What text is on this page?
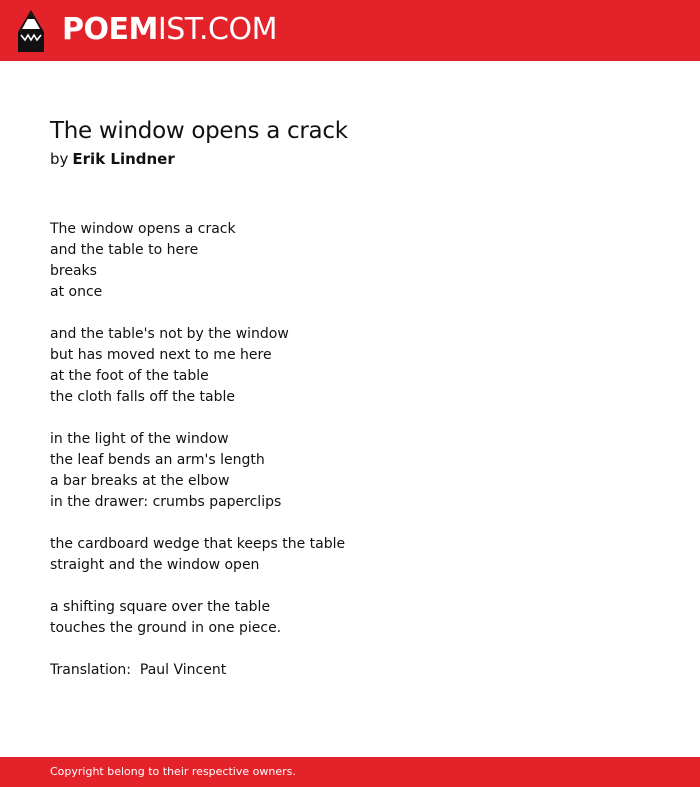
POEMIST.COM
The window opens a crack
by Erik Lindner
The window opens a crack
and the table to here
breaks
at once
and the table's not by the window
but has moved next to me here
at the foot of the table
the cloth falls off the table
in the light of the window
the leaf bends an arm's length
a bar breaks at the elbow
in the drawer: crumbs paperclips
the cardboard wedge that keeps the table
straight and the window open
a shifting square over the table
touches the ground in one piece.
Translation:  Paul Vincent
Copyright belong to their respective owners.
